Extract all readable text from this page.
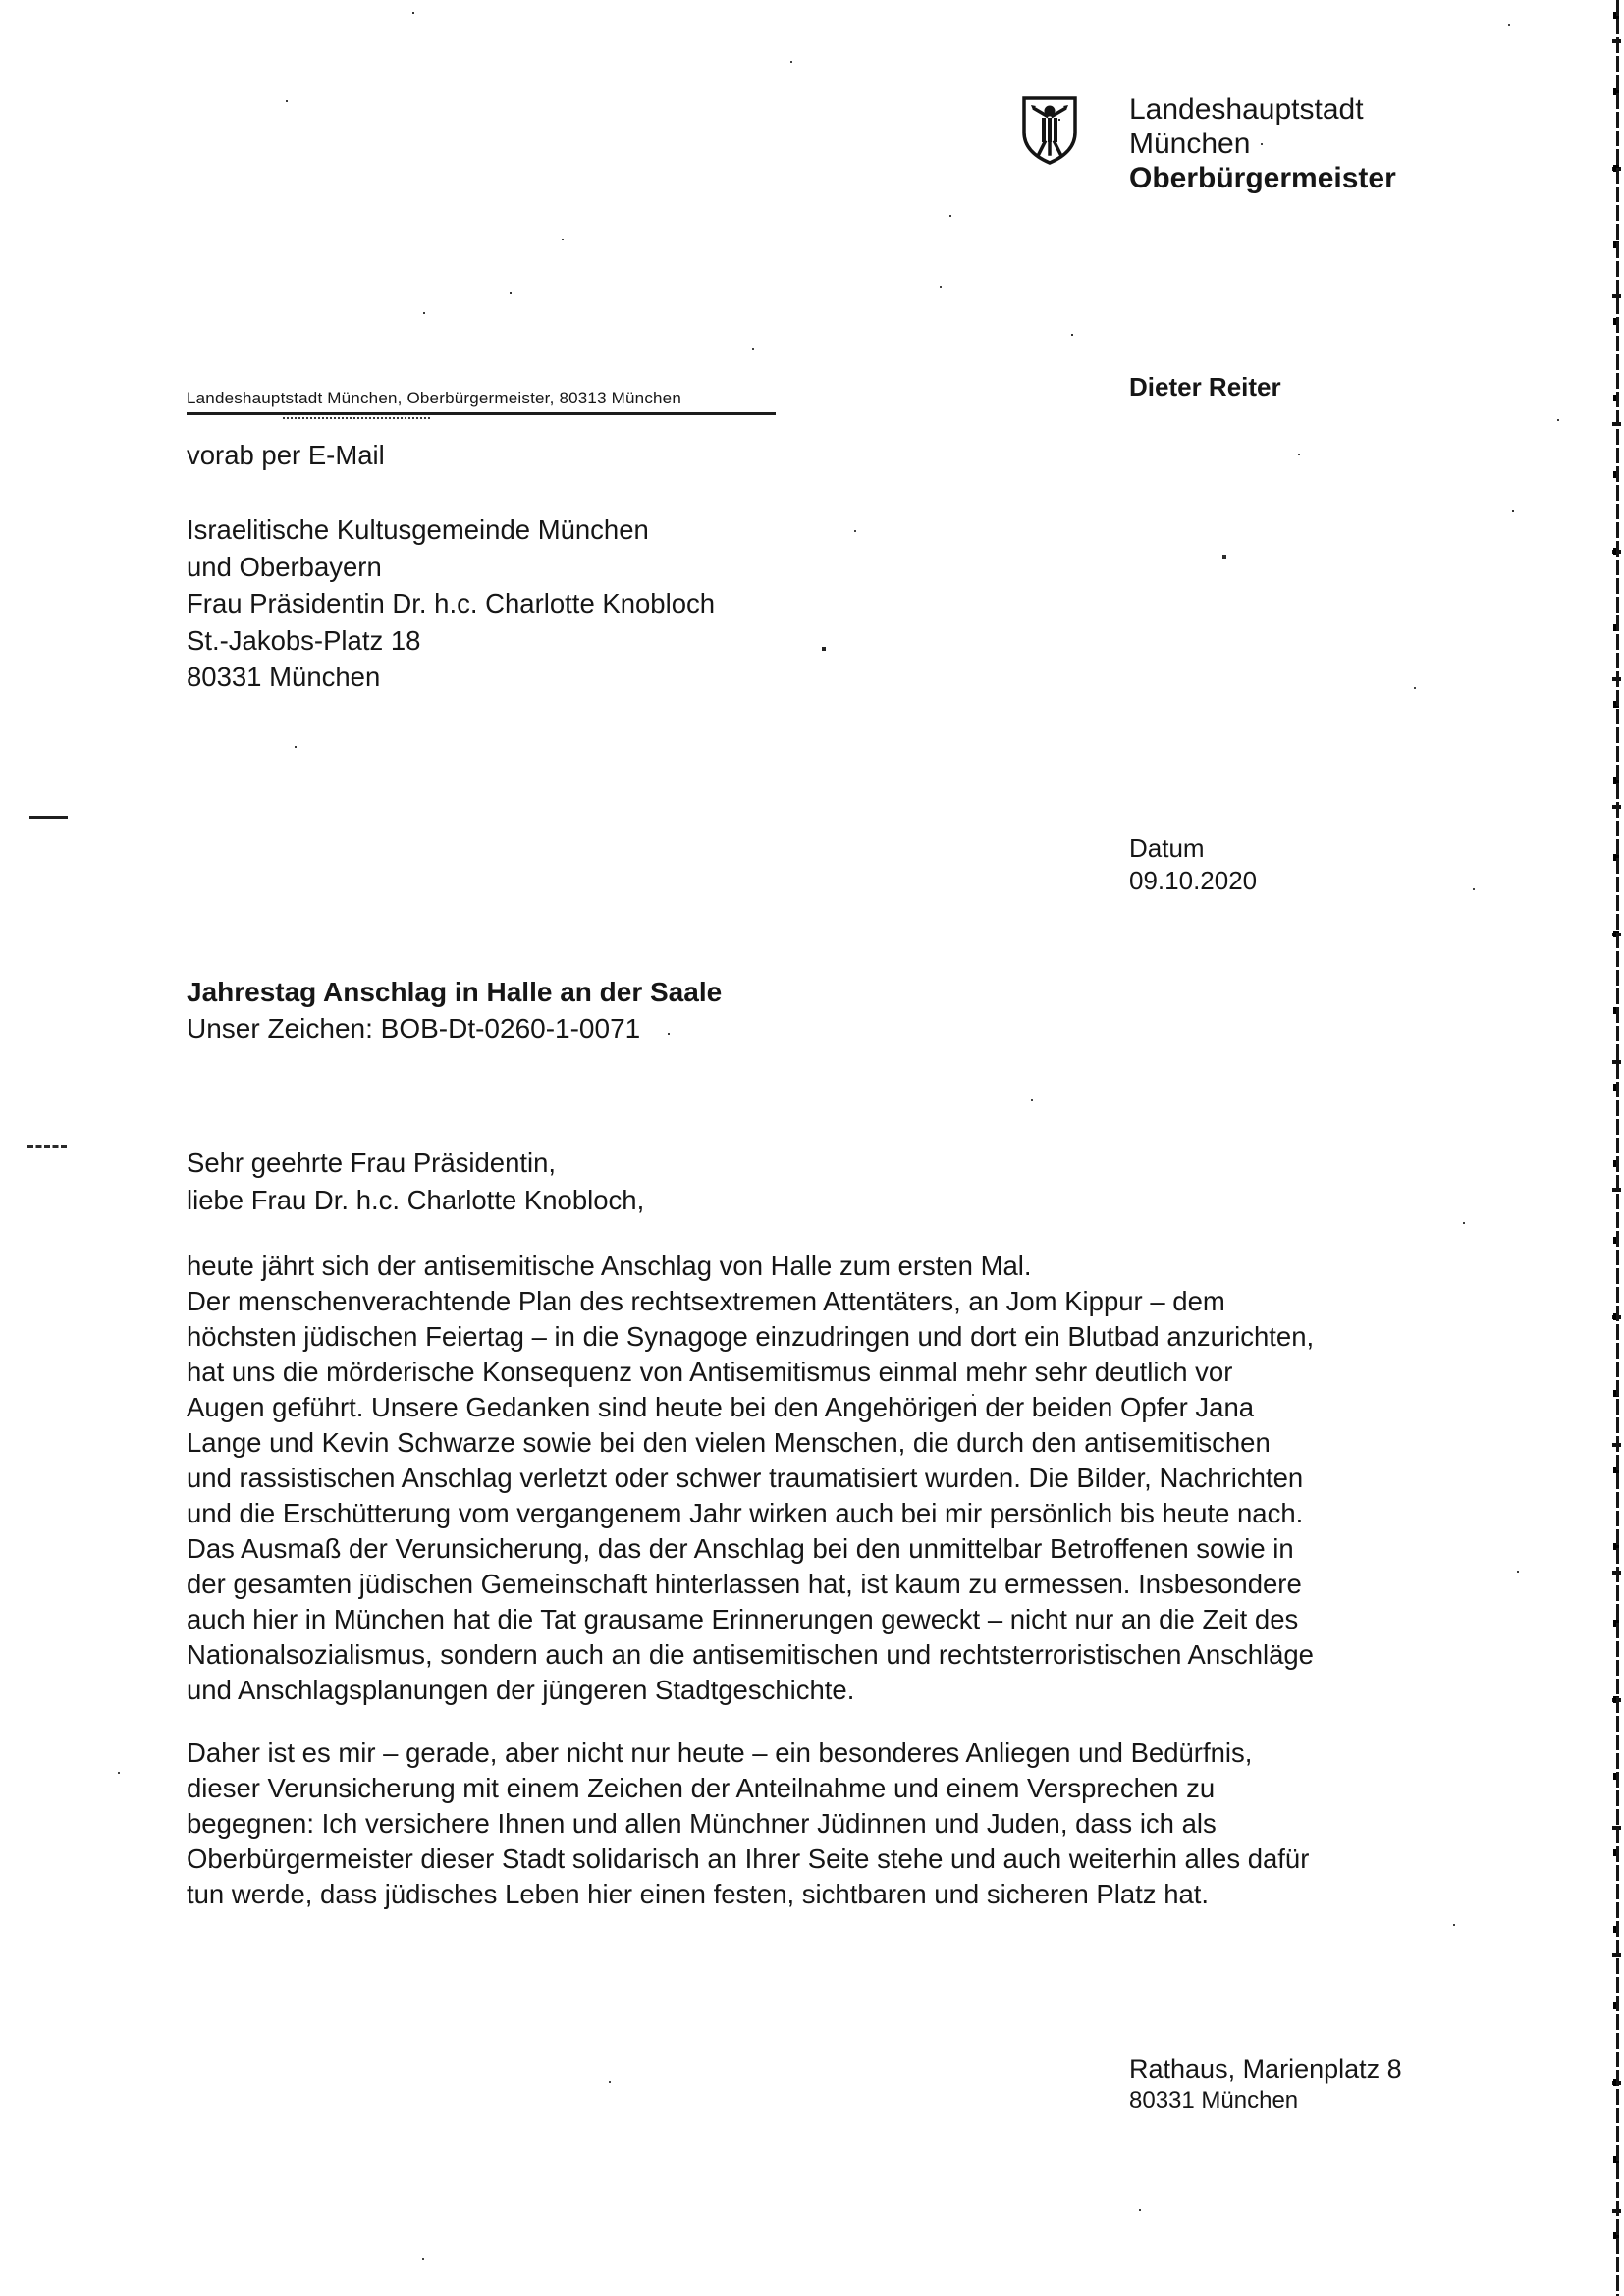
Landeshauptstadt
München
Oberbürgermeister
Dieter Reiter
Landeshauptstadt München, Oberbürgermeister, 80313 München
vorab per E-Mail
Israelitische Kultusgemeinde München
und Oberbayern
Frau Präsidentin Dr. h.c. Charlotte Knobloch
St.-Jakobs-Platz 18
80331 München
Datum
09.10.2020
Jahrestag Anschlag in Halle an der Saale
Unser Zeichen: BOB-Dt-0260-1-0071
Sehr geehrte Frau Präsidentin,
liebe Frau Dr. h.c. Charlotte Knobloch,
heute jährt sich der antisemitische Anschlag von Halle zum ersten Mal.
Der menschenverachtende Plan des rechtsextremen Attentäters, an Jom Kippur – dem
höchsten jüdischen Feiertag – in die Synagoge einzudringen und dort ein Blutbad anzurichten,
hat uns die mörderische Konsequenz von Antisemitismus einmal mehr sehr deutlich vor
Augen geführt. Unsere Gedanken sind heute bei den Angehörigen der beiden Opfer Jana
Lange und Kevin Schwarze sowie bei den vielen Menschen, die durch den antisemitischen
und rassistischen Anschlag verletzt oder schwer traumatisiert wurden. Die Bilder, Nachrichten
und die Erschütterung vom vergangenem Jahr wirken auch bei mir persönlich bis heute nach.
Das Ausmaß der Verunsicherung, das der Anschlag bei den unmittelbar Betroffenen sowie in
der gesamten jüdischen Gemeinschaft hinterlassen hat, ist kaum zu ermessen. Insbesondere
auch hier in München hat die Tat grausame Erinnerungen geweckt – nicht nur an die Zeit des
Nationalsozialismus, sondern auch an die antisemitischen und rechtsterroristischen Anschläge
und Anschlagsplanungen der jüngeren Stadtgeschichte.
Daher ist es mir – gerade, aber nicht nur heute – ein besonderes Anliegen und Bedürfnis,
dieser Verunsicherung mit einem Zeichen der Anteilnahme und einem Versprechen zu
begegnen: Ich versichere Ihnen und allen Münchner Jüdinnen und Juden, dass ich als
Oberbürgermeister dieser Stadt solidarisch an Ihrer Seite stehe und auch weiterhin alles dafür
tun werde, dass jüdisches Leben hier einen festen, sichtbaren und sicheren Platz hat.
Rathaus, Marienplatz 8
80331 München
